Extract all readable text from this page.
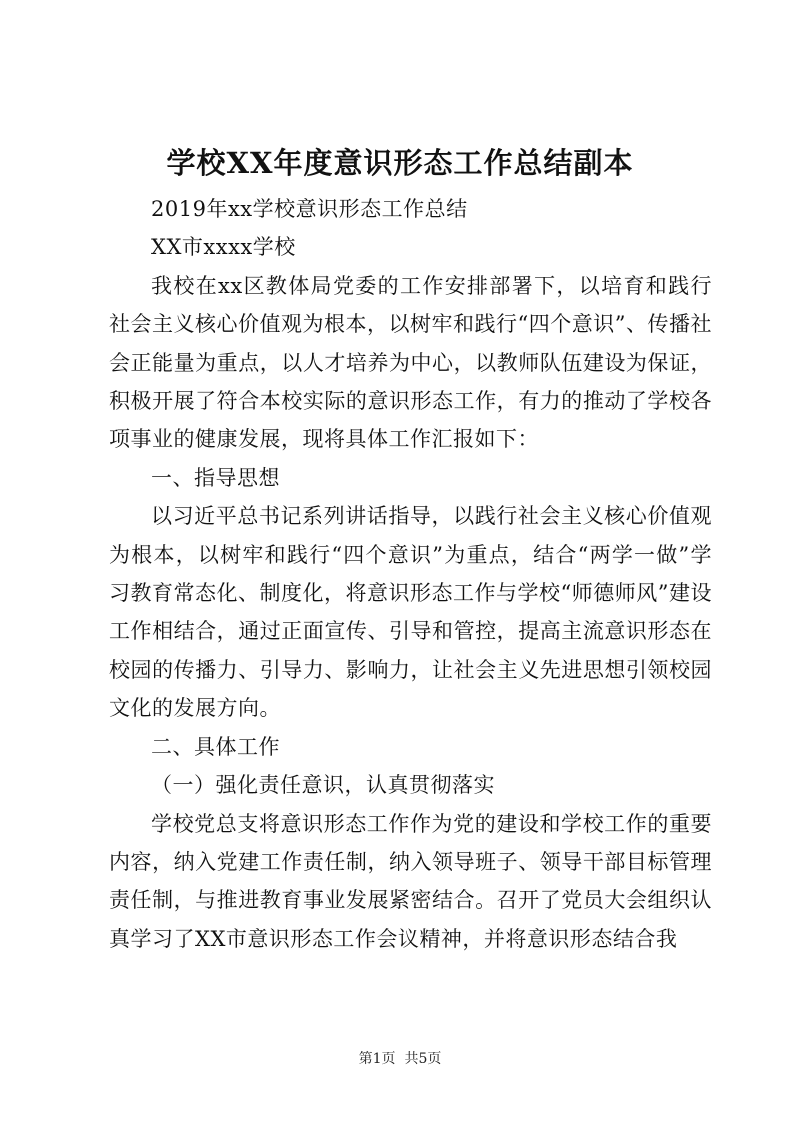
学校XX年度意识形态工作总结副本

2019年xx学校意识形态工作总结

XX市xxxx学校

我校在xx区教体局党委的工作安排部署下，以培育和践行社会主义核心价值观为根本，以树牢和践行“四个意识”、传播社会正能量为重点，以人才培养为中心，以教师队伍建设为保证，积极开展了符合本校实际的意识形态工作，有力的推动了学校各项事业的健康发展，现将具体工作汇报如下：

一、指导思想

以习近平总书记系列讲话指导，以践行社会主义核心价值观为根本，以树牢和践行“四个意识”为重点，结合“两学一做”学习教育常态化、制度化，将意识形态工作与学校“师德师风”建设工作相结合，通过正面宣传、引导和管控，提高主流意识形态在校园的传播力、引导力、影响力，让社会主义先进思想引领校园文化的发展方向。

二、具体工作

（一）强化责任意识，认真贯彻落实

学校党总支将意识形态工作作为党的建设和学校工作的重要内容，纳入党建工作责任制，纳入领导班子、领导干部目标管理责任制，与推进教育事业发展紧密结合。召开了党员大会组织认真学习了XX市意识形态工作会议精神，并将意识形态结合我

第1页 共5页
